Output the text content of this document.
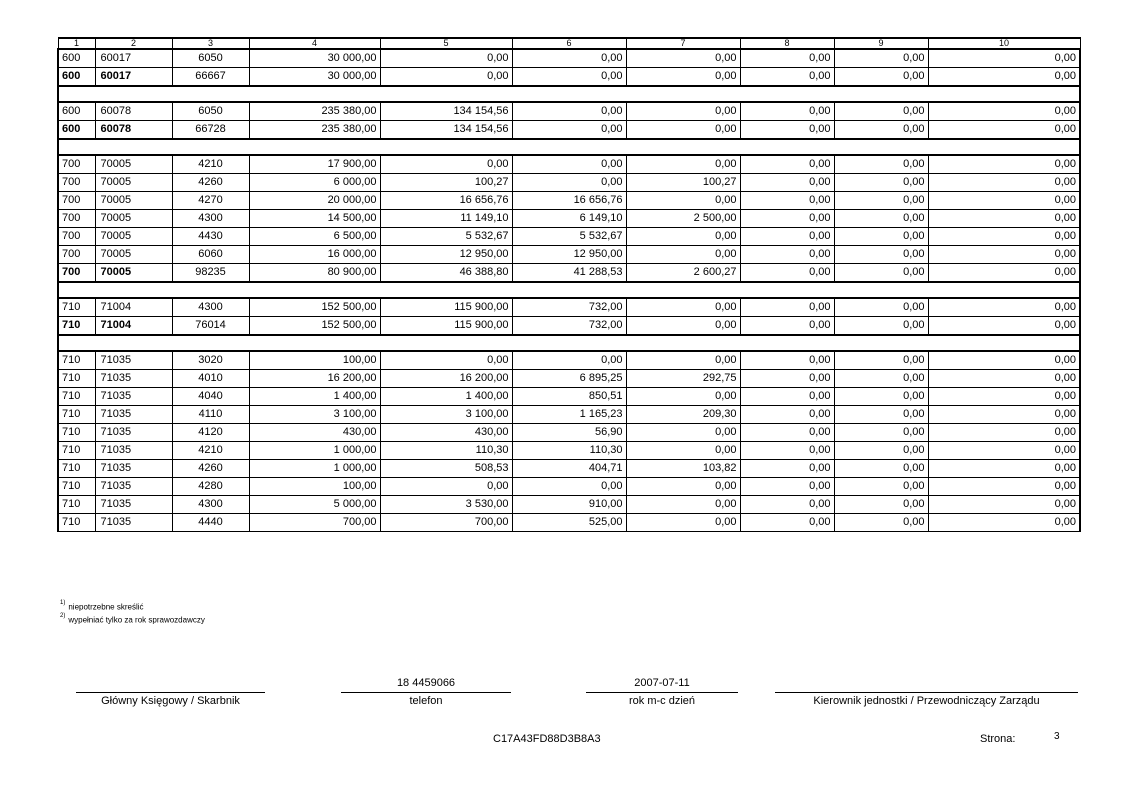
1	2	3	4	5	6	7	8	9	10
600	60017	6050	30 000,00	0,00	0,00	0,00	0,00	0,00	0,00
600	60017	66667	30 000,00	0,00	0,00	0,00	0,00	0,00	0,00

600	60078	6050	235 380,00	134 154,56	0,00	0,00	0,00	0,00	0,00
600	60078	66728	235 380,00	134 154,56	0,00	0,00	0,00	0,00	0,00

700	70005	4210	17 900,00	0,00	0,00	0,00	0,00	0,00	0,00
700	70005	4260	6 000,00	100,27	0,00	100,27	0,00	0,00	0,00
700	70005	4270	20 000,00	16 656,76	16 656,76	0,00	0,00	0,00	0,00
700	70005	4300	14 500,00	11 149,10	6 149,10	2 500,00	0,00	0,00	0,00
700	70005	4430	6 500,00	5 532,67	5 532,67	0,00	0,00	0,00	0,00
700	70005	6060	16 000,00	12 950,00	12 950,00	0,00	0,00	0,00	0,00
700	70005	98235	80 900,00	46 388,80	41 288,53	2 600,27	0,00	0,00	0,00

710	71004	4300	152 500,00	115 900,00	732,00	0,00	0,00	0,00	0,00
710	71004	76014	152 500,00	115 900,00	732,00	0,00	0,00	0,00	0,00

710	71035	3020	100,00	0,00	0,00	0,00	0,00	0,00	0,00
710	71035	4010	16 200,00	16 200,00	6 895,25	292,75	0,00	0,00	0,00
710	71035	4040	1 400,00	1 400,00	850,51	0,00	0,00	0,00	0,00
710	71035	4110	3 100,00	3 100,00	1 165,23	209,30	0,00	0,00	0,00
710	71035	4120	430,00	430,00	56,90	0,00	0,00	0,00	0,00
710	71035	4210	1 000,00	110,30	110,30	0,00	0,00	0,00	0,00
710	71035	4260	1 000,00	508,53	404,71	103,82	0,00	0,00	0,00
710	71035	4280	100,00	0,00	0,00	0,00	0,00	0,00	0,00
710	71035	4300	5 000,00	3 530,00	910,00	0,00	0,00	0,00	0,00
710	71035	4440	700,00	700,00	525,00	0,00	0,00	0,00	0,00
$^{1)}$ niepotrzebne skreślić
$^{2)}$ wypełniać tylko za rok sprawozdawczy
Główny Księgowy / Skarbnik
18 4459066
telefon
2007-07-11
rok m-c dzień	Kierownik jednostki / Przewodniczący Zarządu
C17A43FD88D3B8A3	Strona:	3
